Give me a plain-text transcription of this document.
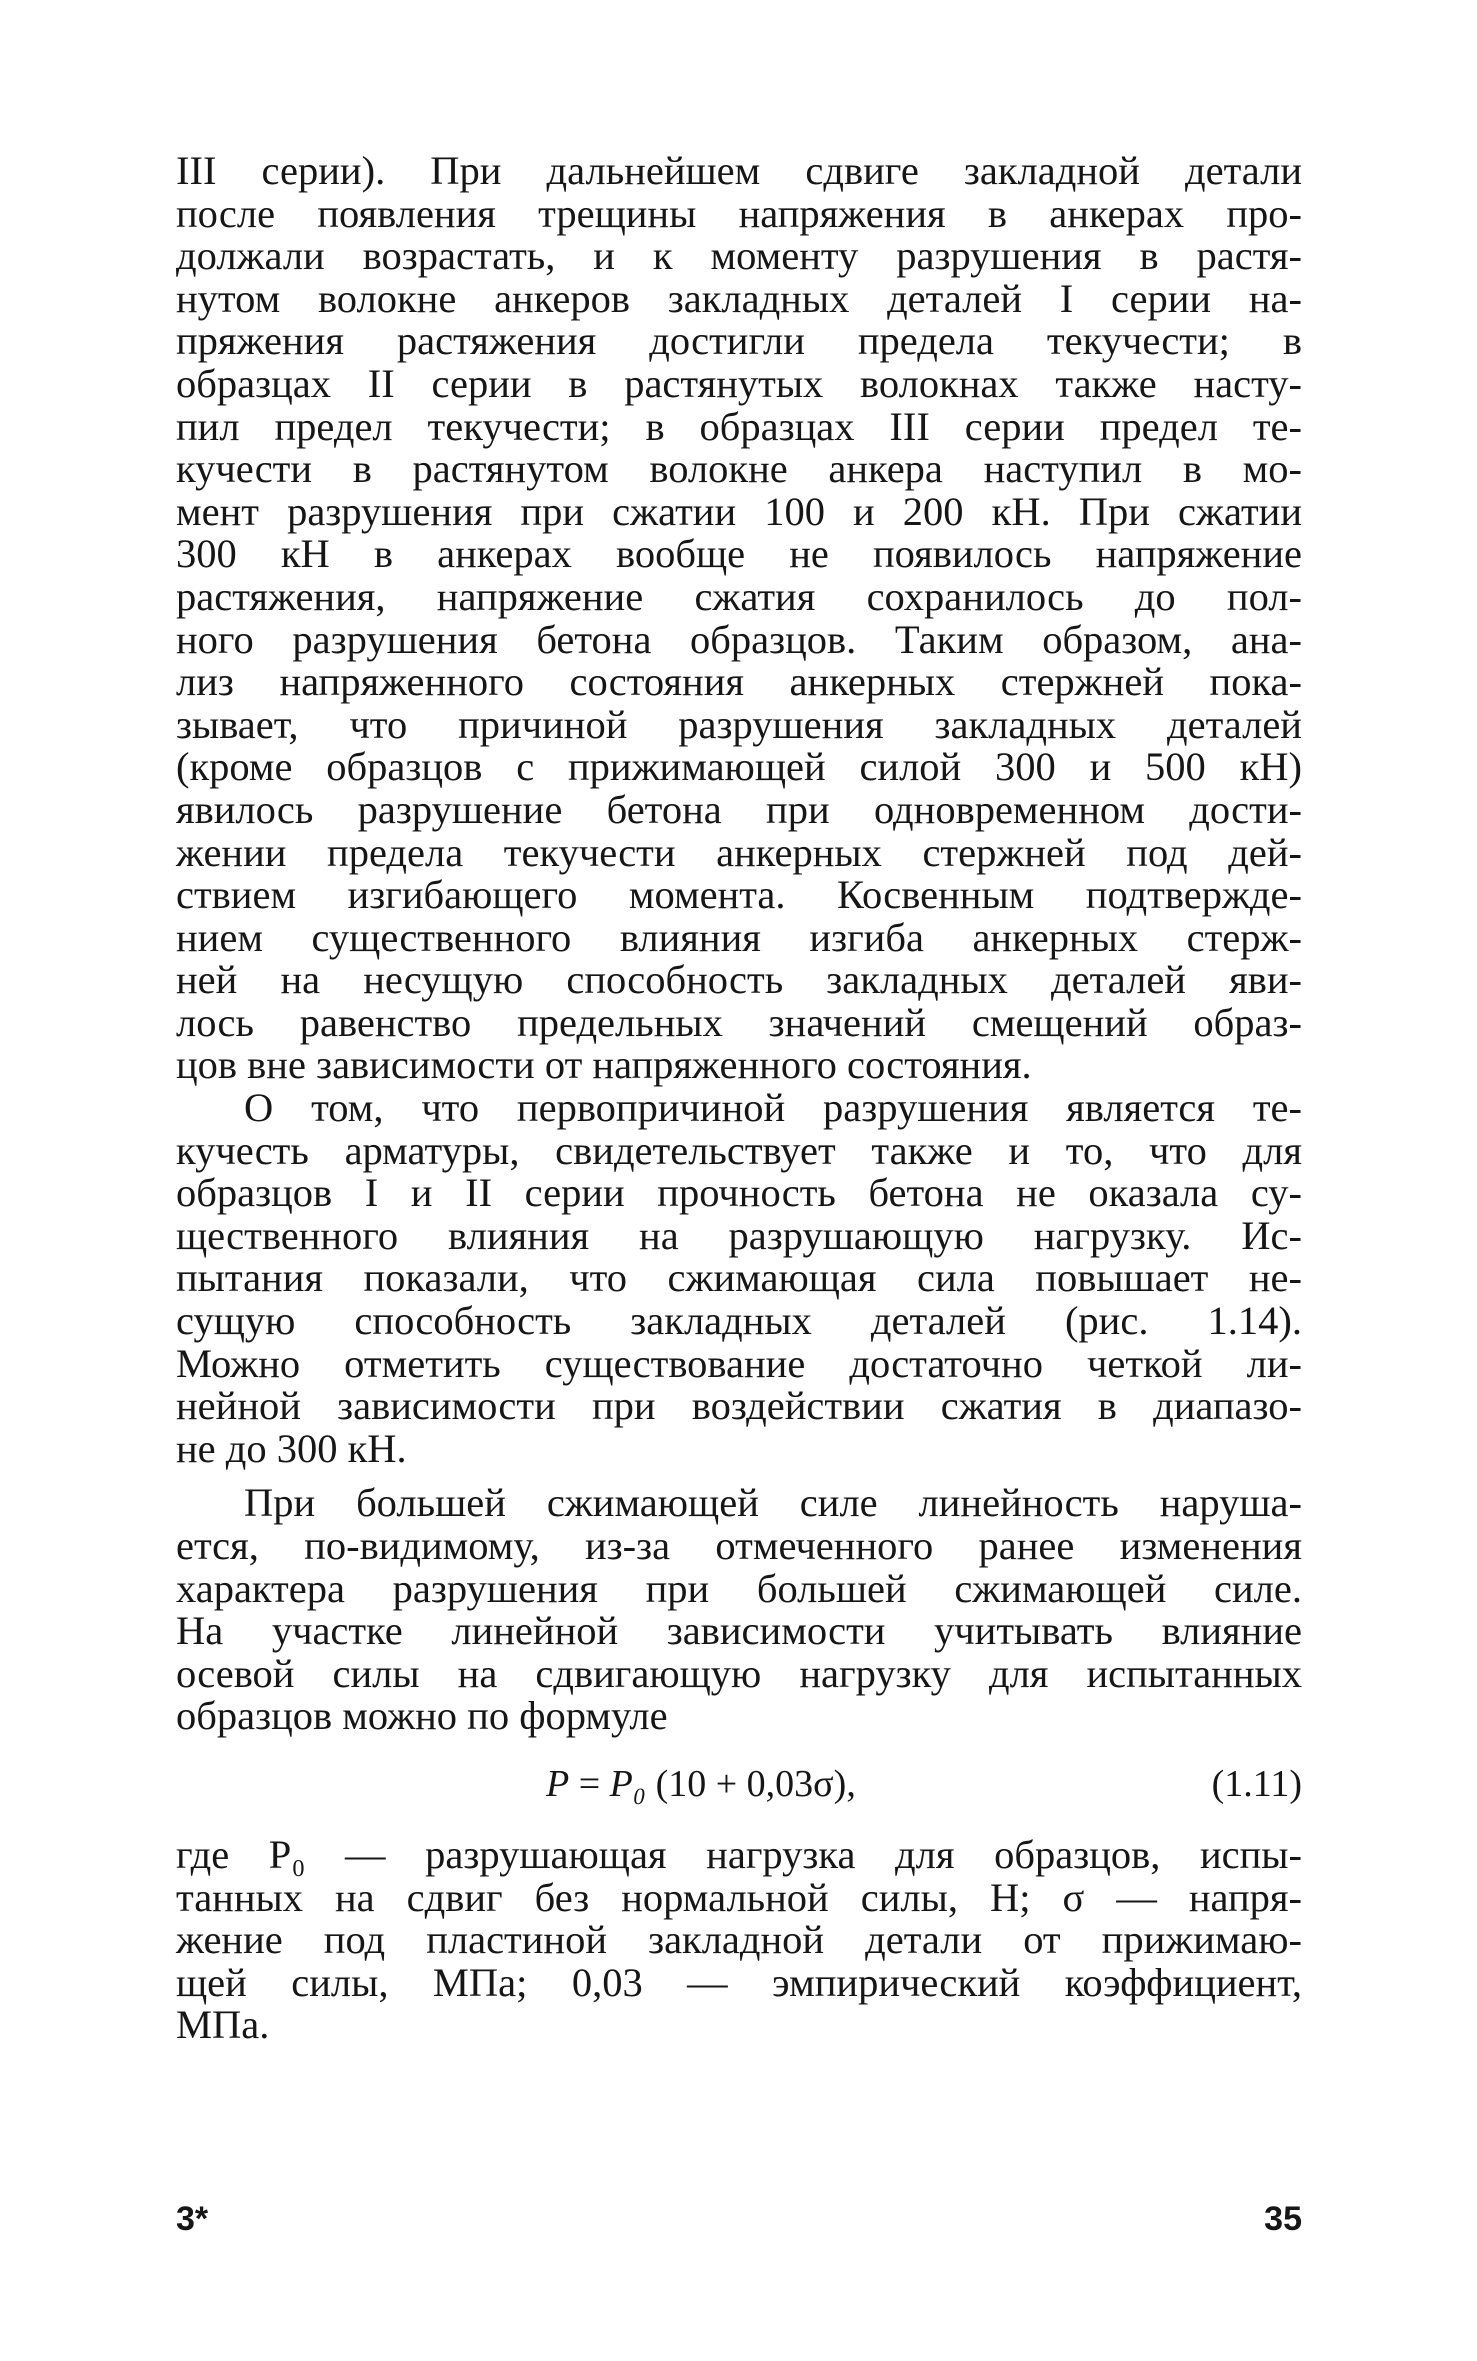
III серии). При дальнейшем сдвиге закладной детали
после появления трещины напряжения в анкерах про-
должали возрастать, и к моменту разрушения в растя-
нутом волокне анкеров закладных деталей I серии на-
пряжения растяжения достигли предела текучести; в
образцах II серии в растянутых волокнах также насту-
пил предел текучести; в образцах III серии предел те-
кучести в растянутом волокне анкера наступил в мо-
мент разрушения при сжатии 100 и 200 кН. При сжатии
300 кН в анкерах вообще не появилось напряжение
растяжения, напряжение сжатия сохранилось до пол-
ного разрушения бетона образцов. Таким образом, ана-
лиз напряженного состояния анкерных стержней пока-
зывает, что причиной разрушения закладных деталей
(кроме образцов с прижимающей силой 300 и 500 кН)
явилось разрушение бетона при одновременном дости-
жении предела текучести анкерных стержней под дей-
ствием изгибающего момента. Косвенным подтвержде-
нием существенного влияния изгиба анкерных стерж-
ней на несущую способность закладных деталей яви-
лось равенство предельных значений смещений образ-
цов вне зависимости от напряженного состояния.
О том, что первопричиной разрушения является те-
кучесть арматуры, свидетельствует также и то, что для
образцов I и II серии прочность бетона не оказала су-
щественного влияния на разрушающую нагрузку. Ис-
пытания показали, что сжимающая сила повышает не-
сущую способность закладных деталей (рис. 1.14).
Можно отметить существование достаточно четкой ли-
нейной зависимости при воздействии сжатия в диапазо-
не до 300 кН.
При большей сжимающей силе линейность наруша-
ется, по-видимому, из-за отмеченного ранее изменения
характера разрушения при большей сжимающей силе.
На участке линейной зависимости учитывать влияние
осевой силы на сдвигающую нагрузку для испытанных
образцов можно по формуле
P = P₀ (10 + 0,03σ),	(1.11)
где P₀ — разрушающая нагрузка для образцов, испы-
танных на сдвиг без нормальной силы, Н; σ — напря-
жение под пластиной закладной детали от прижимаю-
щей силы, МПа; 0,03 — эмпирический коэффициент,
МПа.
3*	35
